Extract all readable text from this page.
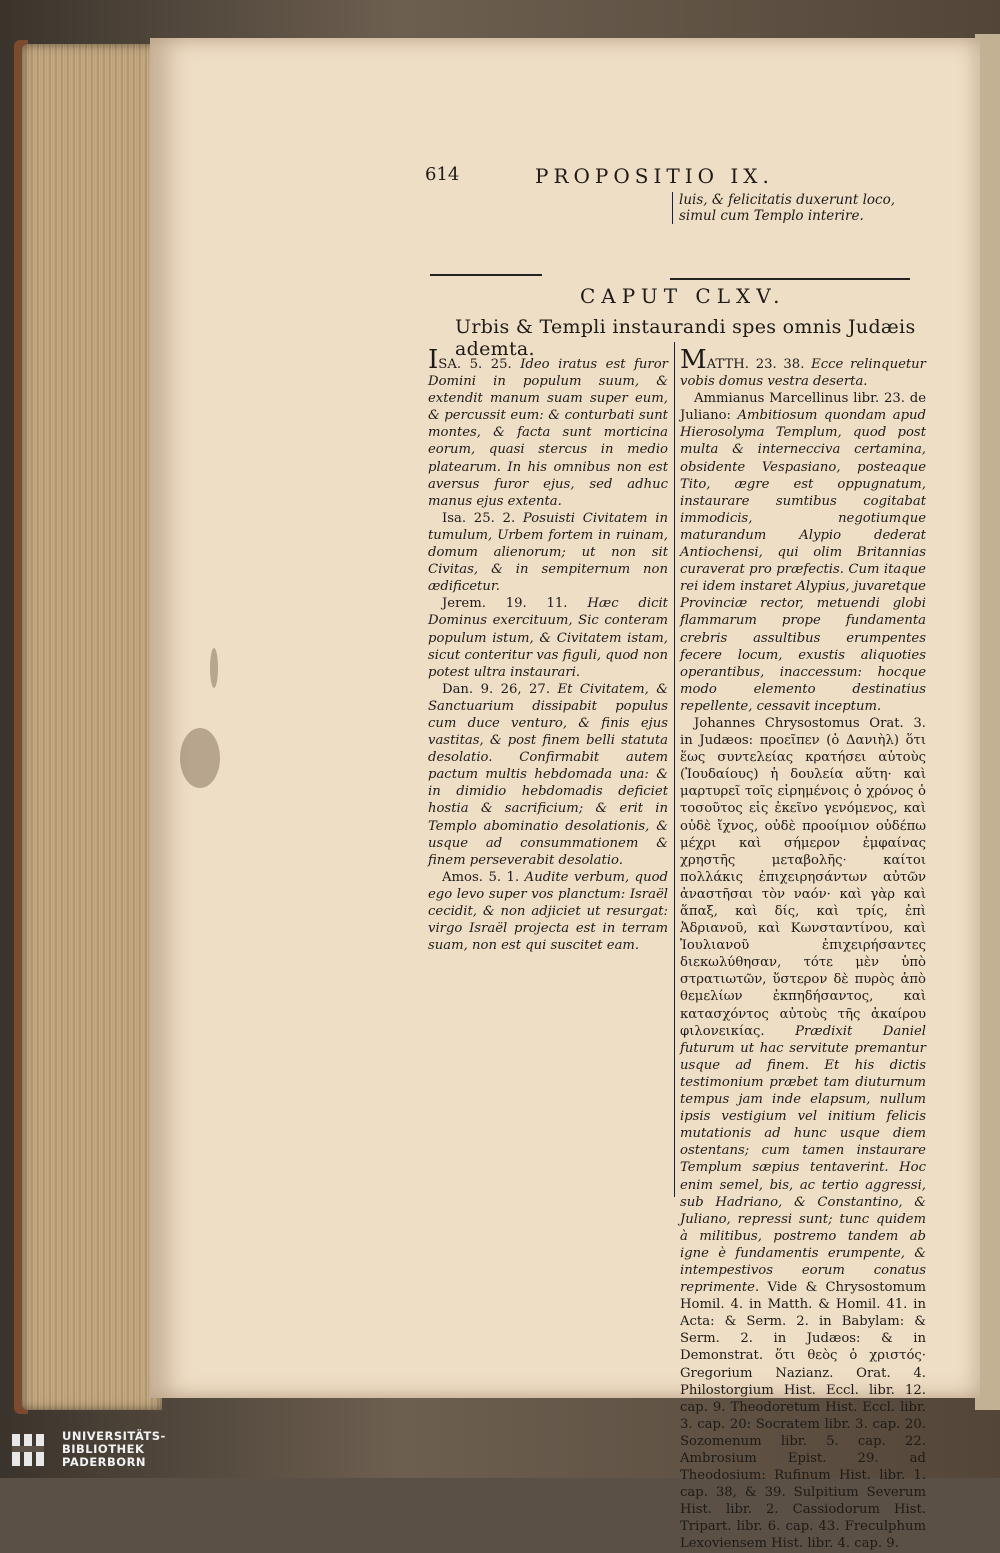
614	PROPOSITIO IX.
luis, & felicitatis duxerunt loco, simul cum Templo interire.
CAPUT CLXV.
Urbis & Templi instaurandi spes omnis Judæis ademta.

ISA. 5. 25. Ideo iratus est furor Domini in populum suum, & extendit manum suam super eum, & percussit eum: & conturbati sunt montes, & facta sunt morticina eorum, quasi stercus in medio platearum. In his omnibus non est aversus furor ejus, sed adhuc manus ejus extenta.

Isa. 25. 2. Posuisti Civitatem in tumulum, Urbem fortem in ruinam, domum alienorum; ut non sit Civitas, & in sempiternum non ædificetur.

Jerem. 19. 11. Hæc dicit Dominus exercituum, Sic conteram populum istum, & Civitatem istam, sicut conteritur vas figuli, quod non potest ultra instaurari.

Dan. 9. 26, 27. Et Civitatem, & Sanctuarium dissipabit populus cum duce venturo, & finis ejus vastitas, & post finem belli statuta desolatio. Confirmabit autem pactum multis hebdomada una: & in dimidio hebdomadis deficiet hostia & sacrificium; & erit in Templo abominatio desolationis, & usque ad consummationem & finem perseverabit desolatio.

Amos. 5. 1. Audite verbum, quod ego levo super vos planctum: Israël cecidit, & non adjiciet ut resurgat: virgo Israël projecta est in terram suam, non est qui suscitet eam.

MATTH. 23. 38. Ecce relinquetur vobis domus vestra deserta.

Ammianus Marcellinus libr. 23. de Juliano: Ambitiosum quondam apud Hierosolyma Templum, quod post multa & internecciva certamina, obsidente Vespasiano, posteaque Tito, ægre est oppugnatum, instaurare sumtibus cogitabat immodicis, negotiumque maturandum Alypio dederat Antiochensi, qui olim Britannias curaverat pro præfectis. Cum itaque rei idem instaret Alypius, juvaretque Provinciæ rector, metuendi globi flammarum prope fundamenta crebris assultibus erumpentes fecere locum, exustis aliquoties operantibus, inaccessum: hocque modo elemento destinatius repellente, cessavit inceptum.

Johannes Chrysostomus Orat. 3. in Judæos: προεῖπεν (ὁ Δανιὴλ) ὅτι ἕως συντελείας κρατήσει αὐτοὺς (Ἰουδαίους) ἡ δουλεία αὕτη· καὶ μαρτυρεῖ τοῖς εἰρημένοις ὁ χρόνος ὁ τοσοῦτος εἰς ἐκεῖνο γενόμενος, καὶ οὐδὲ ἴχνος, οὐδὲ προοίμιον οὐδέπω μέχρι καὶ σήμερον ἐμφαίνας χρηστῆς μεταβολῆς· καίτοι πολλάκις ἐπιχειρησάντων αὐτῶν ἀναστῆσαι τὸν ναόν· καὶ γὰρ καὶ ἅπαξ, καὶ δίς, καὶ τρίς, ἐπὶ Ἀδριανοῦ, καὶ Κωνσταντίνου, καὶ Ἰουλιανοῦ ἐπιχειρήσαντες διεκωλύθησαν, τότε μὲν ὑπὸ στρατιωτῶν, ὕστερον δὲ πυρὸς ἀπὸ θεμελίων ἐκπηδήσαντος, καὶ κατασχόντος αὐτοὺς τῆς ἀκαίρου φιλονεικίας. Prædixit Daniel futurum ut hac servitute premantur usque ad finem. Et his dictis testimonium præbet tam diuturnum tempus jam inde elapsum, nullum ipsis vestigium vel initium felicis mutationis ad hunc usque diem ostentans; cum tamen instaurare Templum sæpius tentaverint. Hoc enim semel, bis, ac tertio aggressi, sub Hadriano, & Constantino, & Juliano, repressi sunt; tunc quidem à militibus, postremo tandem ab igne è fundamentis erumpente, & intempestivos eorum conatus reprimente. Vide & Chrysostomum Homil. 4. in Matth. & Homil. 41. in Acta: & Serm. 2. in Babylam: & Serm. 2. in Judæos: & in Demonstrat. ὅτι θεὸς ὁ χριστός· Gregorium Nazianz. Orat. 4. Philostorgium Hist. Eccl. libr. 12. cap. 9. Theodoretum Hist. Eccl. libr. 3. cap. 20: Socratem libr. 3. cap. 20. Sozomenum libr. 5. cap. 22. Ambrosium Epist. 29. ad Theodosium: Rufinum Hist. libr. 1. cap. 38, & 39. Sulpitium Severum Hist. libr. 2. Cassiodorum Hist. Tripart. libr. 6. cap. 43. Freculphum Lexoviensem Hist. libr. 4. cap. 9.

UNIVERSITÄTS-
BIBLIOTHEK
PADERBORN
